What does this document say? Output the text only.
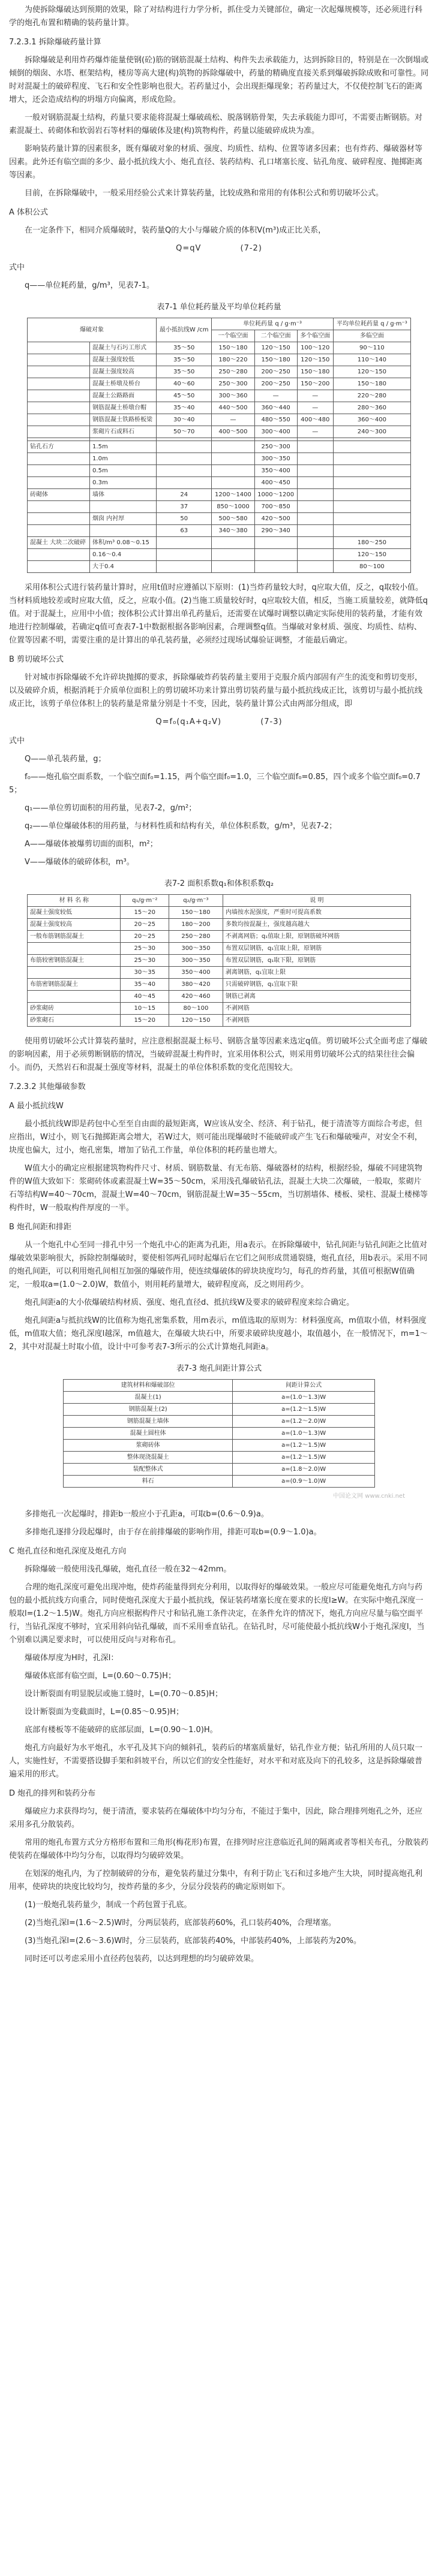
为使拆除爆破达到预期的效果，除了对结构进行力学分析，抓住受力关键部位，确定一次起爆规模等，还必须进行科学的炮孔布置和精确的装药量计算。

7.2.3.1 拆除爆破药量计算

拆除爆破是利用炸药爆炸能量使钢(砼)筋的钢筋混凝土结构、构件失去承载能力，达到拆除目的，特别是在一次倒塌或倾倒的烟囱、水塔、框架结构，楼房等高大建(构)筑物的拆除爆破中，药量的精确度直接关系到爆破拆除成败和可靠性。同时对混凝土的破碎程度、飞石和安全性影响也很大。若药量过小，会出现拒爆现象；若药量过大，不仅使控制飞石的距离增大，还会造成结构的坍塌方向偏离，形成危险。

一般对钢筋混凝土结构，药量只要求能将混凝土爆破疏松、脱落钢筋骨架，失去承载能力即可，不需要击断钢筋。对素混凝土、砖砌体和软弱岩石等材料的爆破体及建(构)筑物构件，药量以能破碎成块为准。

影响装药量计算的因素很多，既有爆破对象的材质、强度、均质性、结构、位置等诸多因素；也有炸药、爆破器材等因素。此外还有临空面的多少、最小抵抗线大小、炮孔直径、装药结构、孔口堵塞长度、钻孔角度、破碎程度、抛掷距离等因素。

目前，在拆除爆破中，一般采用经验公式来计算装药量，比较成熟和常用的有体积公式和剪切破坏公式。

A 体积公式

在一定条件下，相同介质爆破时，装药量Q的大小与爆破介质的体积V(m³)成正比关系，

Q=qV	(7-2)

式中

q——单位耗药量，g/m³，见表7-1。

表7-1 单位耗药量及平均单位耗药量

爆破对象		最小抵抗线W /cm	单位耗药量 q / g·m⁻³			平均单位耗药量 q / g·m⁻³
			一个临空面	二个临空面	多个临空面	多临空面
	混凝土与石圬工形式	35～50	150～180	120～150	100～120	90～110
	混凝土强度较低	35～50	180～220	150～180	120～150	110～140
	混凝土强度较高	35～50	250～280	200～250	150～180	120～150
	混凝土桥墩及桥台	40～60	250～300	200～250	150～200	150～180
	混凝土公路路面	45～50	300～360	—	—	220～280
	钢筋混凝土桥墩台帽	35～40	440～500	360～440	—	280～360
	钢筋混凝土铁路桥板梁	30～40	—	480～550	400～480	360～400
	浆砌片石或料石	50～70	400～500	300～400	—	240～300

钻孔石方	1.5m			250～300		
	1.0m			300～350		
	0.5m			350～400		
	0.3m			400～450		
砖砌体	墙体	24	1200～1400	1000～1200		
		37	850～1000	700～850		
	烟囱 内衬厚	50	500～580	420～500		
		63	340～380	290～340		
混凝土 大块二次破碎	体积/m³ 0.08～0.15					180～250
	0.16～0.4					120～150
	大于0.4					80～100

采用体积公式进行装药量计算时，应用t值时应遵循以下原则：(1)当炸药量较大时，q应取大值，反之，q取较小值。当材料质地较差或时应取大值，反之，应取小值。(2)当施工质量较好时，q应取较大值，相反，当施工质量较差，就降低q值。对于混凝土，应用中小值；按体积公式计算出单孔药量后，还需要在试爆时调整以确定实际使用的装药量，才能有效地进行控制爆破，若确定q值可查表7-1中数据根据各影响因素，合理调整q值。当爆破对象材质、强度、均质性、结构、位置等因素不明，需要注重的是计算出的单孔装药量，必须经过现场试爆验证调整，才能最后确定。

B 剪切破坏公式

针对城市拆除爆破不允许碎块抛掷的要求，拆除爆破炸药装药量主要用于克服介质内部固有产生的流变和剪切变形，以及破碎介质，根据消耗于介质单位面积上的剪切破坏功来计算出剪切装药量与最小抵抗线成正比，该剪切与最小抵抗线成正比，该剪子单位体积上的装药量是常量分别是十不变，因此，装药量计算公式由两部分组成，即

Q=f₀(q₁A+q₂V)	(7-3)

式中

Q——单孔装药量，g；

f₀——炮孔临空面系数，一个临空面f₀=1.15，两个临空面f₀=1.0，三个临空面f₀=0.85，四个或多个临空面f₀=0.75；

q₁——单位剪切面积的用药量，见表7-2，g/m²；

q₂——单位爆破体积的用药量，与材料性质和结构有关，单位体积系数，g/m³，见表7-2；

A——爆破体被爆剪切面的面积，m²；

V——爆破体的破碎体积，m³。

表7-2 面积系数q₁和体积系数q₂

材 料 名 称	q₁/g·m⁻²	q₂/g·m⁻³	说 明
混凝土强度较低	15～20	150～180	内墙按水泥强度，严重时可提高系数
混凝土强度较高	20～25	180～200	多数均按混凝土，强度越高越大
一般布筋钢筋混凝土	20～25	250～280	不剥离网筋；q₁值取上限，原钢筋破坏网筋
	25～30	300～350	布置双层钢筋，q₁宜取上限，原钢筋
布筋较密钢筋混凝土	25～30	300～350	布置双层钢筋，q₁取下限，原钢筋
	30～35	350～400	剥离钢筋，q₁宜取上限
布筋密钢筋混凝土	35～40	380～420	只需破碎钢筋，q₁宜取下限
	40～45	420～460	钢筋已剥离
砂浆砌砖	10～15	80～100	不剥网筋
砂浆砌石	15～20	120～150	不剥网筋

使用剪切破坏公式计算装药量时，应注意根据混凝土标号、钢筋含量等因素来选定q值。剪切破坏公式全面考虑了爆破的影响因素，用于必须剪断钢筋的情况，当破碎混凝土构件时，宜采用体积公式，则采用剪切破坏公式的结果往往会偏小。而仍，天然岩石和混凝土强度等材料，混凝土的单位体积系数的变化范围较大。

7.2.3.2 其他爆破参数

A 最小抵抗线W

最小抵抗线W即是药包中心至至自由面的最短距离，W应该从安全、经济、利于钻孔，便于清渣等方面综合考虑，但应指出，W过小，则飞石抛掷距离会增大，若W过大，则可能出现爆破时不能破碎或产生飞石和爆破噪声，对安全不利，块度也偏大，过小，炮孔密集，增加了钻孔工作量，单位体积的耗药量也增大。

W值大小的确定应根据建筑物构件尺寸、材质、钢筋数量、有无布筋、爆破器材的结构，根据经验，爆破不同建筑物件的W值大致如下：浆砌砖体或素混凝土W=35～50cm，采用浅孔爆破钻孔法，混凝土大块二次爆破，一般取，浆砌片石等结构W=40～70cm，混凝土W=40～70cm，钢筋混凝土W=35～55cm，当切割墙体、楼板、梁柱、混凝土楼梯等构件时，W一般取构件厚度的一半。

B 炮孔间距和排距

从一个炮孔中心至同一排孔中另一个炮孔中心的距离为孔距，用a表示。在拆除爆破中，钻孔间距与钻孔间距之比值对爆破效果影响很大，拆除控制爆破时，要使相邻两孔同时起爆后在它们之间形成贯通裂缝，炮孔直径，用b表示。采用不同的炮孔间距，可以利用炮孔间相互加强的爆破作用，使连续爆破体的碎块块度均匀，每孔的炸药量，其值可根据W值确定，一般取a=(1.0～2.0)W，数值小，则用耗药量增大，破碎程度高，反之则用药少。

炮孔间距a的大小依爆破结构材质、强度、炮孔直径d、抵抗线W及要求的破碎程度来综合确定。

炮孔间距a与抵抗线W的比值称为炮孔密集系数，用m表示，m值选取的原则为：材料强度高，m值取小值，材料强度低，m值取大值；炮孔深度l越深，m值越大，在爆破大块石中，所要求破碎块度越小，取值越小，在一般情况下，m=1～2，其中对混凝土时取小值，设计中可参考表7-3所示的公式计算炮孔间距a。

表7-3 炮孔间距计算公式

建筑材料和爆破部位	间距计算公式
混凝土(1)	a=(1.0～1.3)W
钢筋混凝土(2)	a=(1.2～1.5)W
钢筋混凝土墙体	a=(1.2～2.0)W
混凝土圆柱体	a=(1.0～1.3)W
浆砌砖体	a=(1.2～1.5)W
整体现浇混凝土	a=(1.2～1.5)W
装配整体式	a=(1.8～2.0)W
料石	a=(0.9～1.0)W
中国论文网 www.cnki.net

多排炮孔一次起爆时，排距b一般应小于孔距a，可取b=(0.6～0.9)a。

多排炮孔逐排分段起爆时，由于存在前排爆破的影响作用，排距可取b=(0.9～1.0)a。

C 炮孔直径和炮孔深度及炮孔方向

拆除爆破一般使用浅孔爆破，炮孔直径一般在32～42mm。

合理的炮孔深度可避免出现冲炮，使炸药能量得到充分利用，以取得好的爆破效果。一般应尽可能避免炮孔方向与药包的最小抵抗线方向重合，同时使炮孔深度大于最小抵抗线，保证装药堵塞长度在要求的长度l≥W。在实际中炮孔深度一般取l=(1.2～1.5)W。炮孔方向应根据构件尺寸和钻孔施工条件决定，在条件允许的情况下，炮孔方向应尽量与临空面平行，当钻孔深度不够时，宜采用斜向钻孔爆破，而不采用垂直钻孔。在钻孔时，尽可能使最小抵抗线W小于炮孔深度l，当个别难以满足要求时，可以使用反向与对称布孔。

爆破体厚度为H时，孔深l：

爆破体底部有临空面，L=(0.60～0.75)H；

设计断裂面有明显脱层或施工缝时，L=(0.70～0.85)H；

设计断裂面为变截面时，L=(0.85～0.95)H；

底部有楼板等不能破碎的底部层面，L=(0.90～1.0)H。

炮孔方向最好为水平炮孔，水平孔及其下向的倾斜孔，装药后的堵塞质量好，钻孔作业方便；钻孔所用的人员只取一人，实施性好，不需要搭设脚手架和斜坡平台，所以它们的安全性能好，对水平和对底及向下的孔较多，这是拆除爆破普遍采用的形式。

D 炮孔的排列和装药分布

爆破应力求获得均匀，便于清渣，要求装药在爆破体中均匀分布，不能过于集中，因此，除合理排列炮孔之外，还应采用多孔分散装药。

常用的炮孔布置方式分方格形布置和三角形(梅花形)布置，在排列时应注意临近孔间的隔离或者等相关布孔，分散装药使装药在爆破体中均匀分布，以取得均匀破碎效果。

在划深的炮孔内，为了控制破碎的分布，避免装药量过分集中，有利于防止飞石和过多地产生大块，同时提高炮孔利用率，使碎块的块度比较均匀，按炸药量的多少，分层分段装药的确定原则如下。

(1)一般炮孔装药量少，制成一个药包置于孔底。

(2)当炮孔深l=(1.6～2.5)W时，分两层装药，底部装药60%，孔口装药40%，合理堵塞。

(3)当炮孔深l=(2.6～3.6)W时，分三层装药，底部装药40%，中部装药40%，上部装药为20%。

同时还可以考虑采用小直径药包装药，以达到理想的均匀破碎效果。
